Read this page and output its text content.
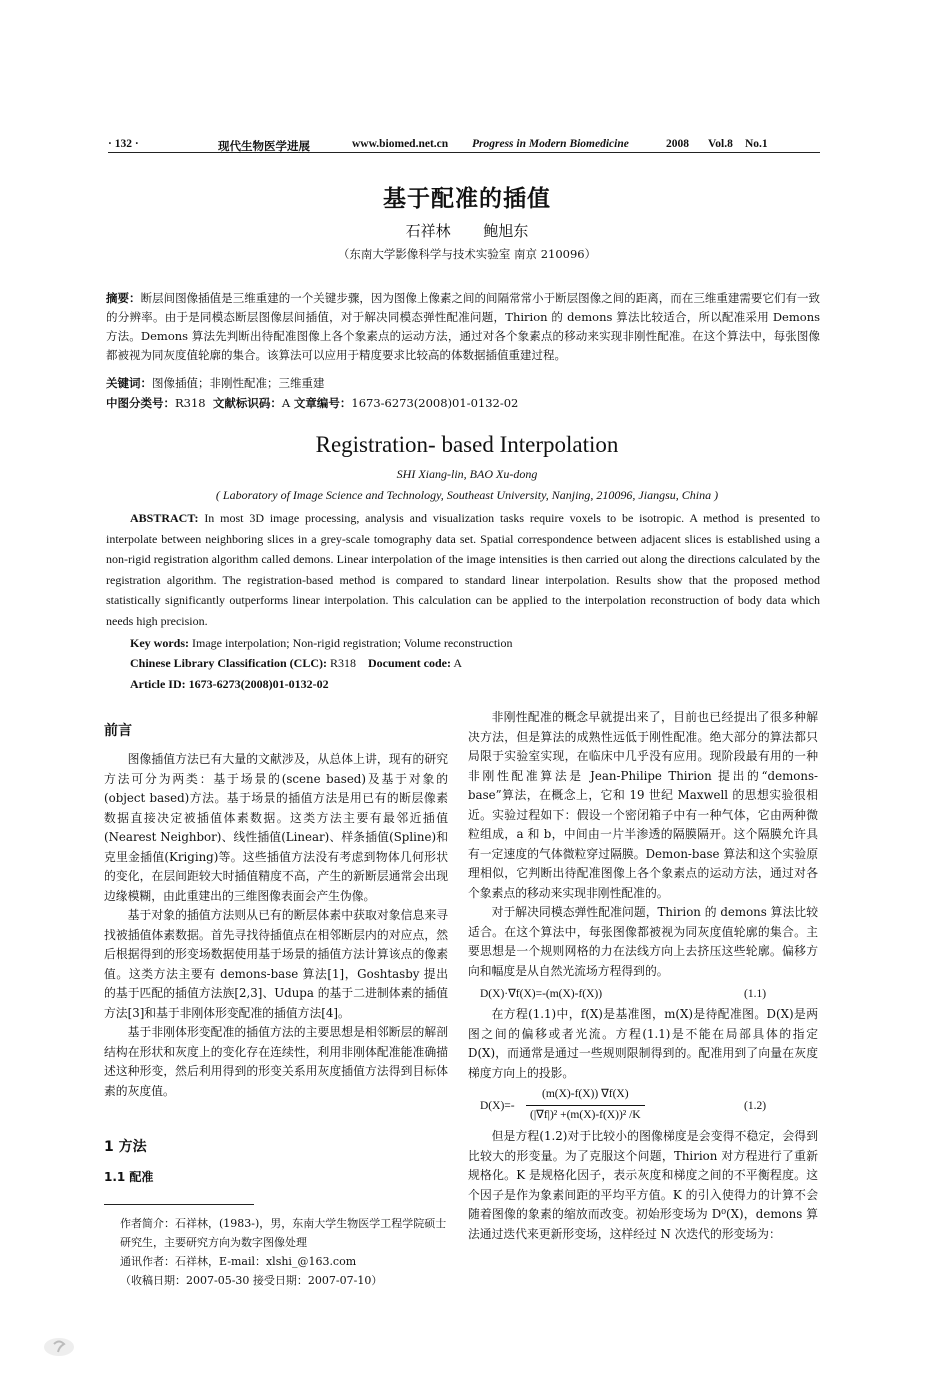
· 132 ·	现代生物医学进展	www.biomed.net.cn Progress in Modern Biomedicine	2008 Vol.8 No.1
基于配准的插值
石祥林 鲍旭东
（东南大学影像科学与技术实验室 南京 210096）
摘要：断层间图像插值是三维重建的一个关键步骤，因为图像上像素之间的间隔常常小于断层图像之间的距离，而在三维重建需要它们有一致的分辨率。由于是同模态断层图像层间插值，对于解决同模态弹性配准问题，Thirion 的 demons 算法比较适合，所以配准采用 Demons 方法。Demons 算法先判断出待配准图像上各个象素点的运动方法，通过对各个象素点的移动来实现非刚性配准。在这个算法中，每张图像都被视为同灰度值轮廓的集合。该算法可以应用于精度要求比较高的体数据插值重建过程。
关键词：图像插值；非刚性配准；三维重建
中图分类号：R318 文献标识码：A 文章编号：1673-6273(2008)01-0132-02
Registration- based Interpolation
SHI Xiang-lin, BAO Xu-dong
( Laboratory of Image Science and Technology, Southeast University, Nanjing, 210096, Jiangsu, China )
ABSTRACT: In most 3D image processing, analysis and visualization tasks require voxels to be isotropic. A method is presented to interpolate between neighboring slices in a grey-scale tomography data set. Spatial correspondence between adjacent slices is established using a non-rigid registration algorithm called demons. Linear interpolation of the image intensities is then carried out along the directions calculated by the registration algorithm. The registration-based method is compared to standard linear interpolation. Results show that the proposed method statistically significantly outperforms linear interpolation. This calculation can be applied to the interpolation reconstruction of body data which needs high precision.
Key words: Image interpolation; Non-rigid registration; Volume reconstruction
Chinese Library Classification (CLC): R318 Document code: A
Article ID: 1673-6273(2008)01-0132-02
前言

图像插值方法已有大量的文献涉及，从总体上讲，现有的研究方法可分为两类：基于场景的(scene based)及基于对象的(object based)方法。基于场景的插值方法是用已有的断层像素数据直接决定被插值体素数据。这类方法主要有最邻近插值(Nearest Neighbor)、线性插值(Linear)、样条插值(Spline)和克里金插值(Kriging)等。这些插值方法没有考虑到物体几何形状的变化，在层间距较大时插值精度不高，产生的新断层通常会出现边缘模糊，由此重建出的三维图像表面会产生伪像。

基于对象的插值方法则从已有的断层体素中获取对象信息来寻找被插值体素数据。首先寻找待插值点在相邻断层内的对应点，然后根据得到的形变场数据使用基于场景的插值方法计算该点的像素值。这类方法主要有 demons-base 算法[1]，Goshtasby 提出的基于匹配的插值方法族[2,3]、Udupa 的基于二进制体素的插值方法[3]和基于非刚体形变配准的插值方法[4]。

基于非刚体形变配准的插值方法的主要思想是相邻断层的解剖结构在形状和灰度上的变化存在连续性，利用非刚体配准能准确描述这种形变，然后利用得到的形变关系用灰度插值方法得到目标体素的灰度值。

1 方法
1.1 配准
作者简介：石祥林，(1983-)，男，东南大学生物医学工程学院硕士研究生，主要研究方向为数字图像处理
通讯作者：石祥林，E-mail：xlshi_@163.com
（收稿日期：2007-05-30 接受日期：2007-07-10）

非刚性配准的概念早就提出来了，目前也已经提出了很多种解决方法，但是算法的成熟性远低于刚性配准。绝大部分的算法都只局限于实验室实现，在临床中几乎没有应用。现阶段最有用的一种非刚性配准算法是 Jean-Philipe Thirion 提出的“demons-base”算法，在概念上，它和 19 世纪 Maxwell 的思想实验很相近。实验过程如下：假设一个密闭箱子中有一种气体，它由两种微粒组成，a 和 b，中间由一片半渗透的隔膜隔开。这个隔膜允许具有一定速度的气体微粒穿过隔膜。Demon-base 算法和这个实验原理相似，它判断出待配准图像上各个象素点的运动方法，通过对各个象素点的移动来实现非刚性配准的。

对于解决同模态弹性配准问题，Thirion 的 demons 算法比较适合。在这个算法中，每张图像都被视为同灰度值轮廓的集合。主要思想是一个规则网格的力在法线方向上去挤压这些轮廓。偏移方向和幅度是从自然光流场方程得到的。

D(X)·∇f(X)=-(m(X)-f(X))	(1.1)

在方程(1.1)中，f(X)是基准图，m(X)是待配准图。D(X)是两图之间的偏移或者光流。方程(1.1)是不能在局部具体的指定 D(X)，而通常是通过一些规则限制得到的。配准用到了向量在灰度梯度方向上的投影。

$D(X)=- \frac{(m(X)-f(X)) \nabla f(X)}{\text{(|∇f|)² +(m(X)-f(X))² /K}}$	(1.2)

但是方程(1.2)对于比较小的图像梯度是会变得不稳定，会得到比较大的形变量。为了克服这个问题，Thirion 对方程进行了重新规格化。K 是规格化因子，表示灰度和梯度之间的不平衡程度。这个因子是作为象素间距的平均平方值。K 的引入使得力的计算不会随着图像的象素的缩放而改变。初始形变场为 D⁰(X)，demons 算法通过迭代来更新形变场，这样经过 N 次迭代的形变场为：
